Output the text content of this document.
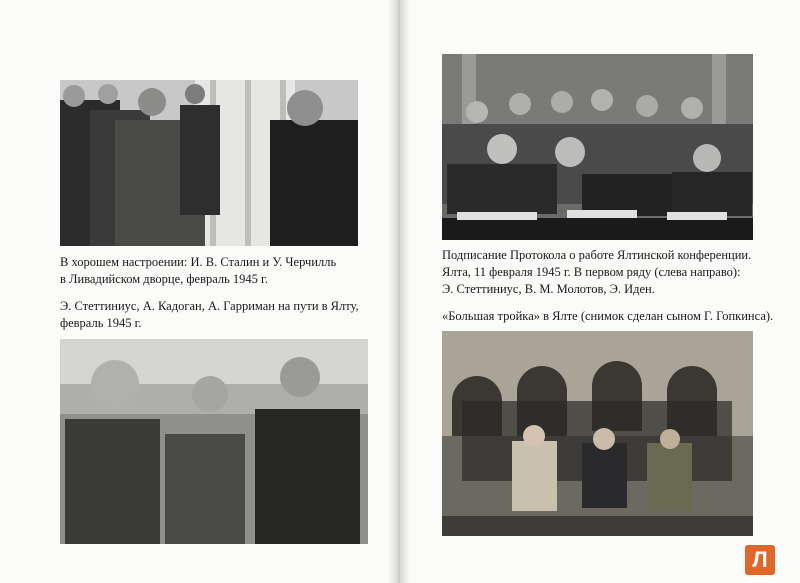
В хорошем настроении: И. В. Сталин и У. Черчилль
в Ливадийском дворце, февраль 1945 г.
Э. Стеттиниус, А. Кадоган, А. Гарриман на пути в Ялту,
февраль 1945 г.
Подписание Протокола о работе Ялтинской конференции.
Ялта, 11 февраля 1945 г. В первом ряду (слева направо):
Э. Стеттиниус, В. М. Молотов, Э. Иден.
«Большая тройка» в Ялте (снимок сделан сыном Г. Гопкинса).
Л
